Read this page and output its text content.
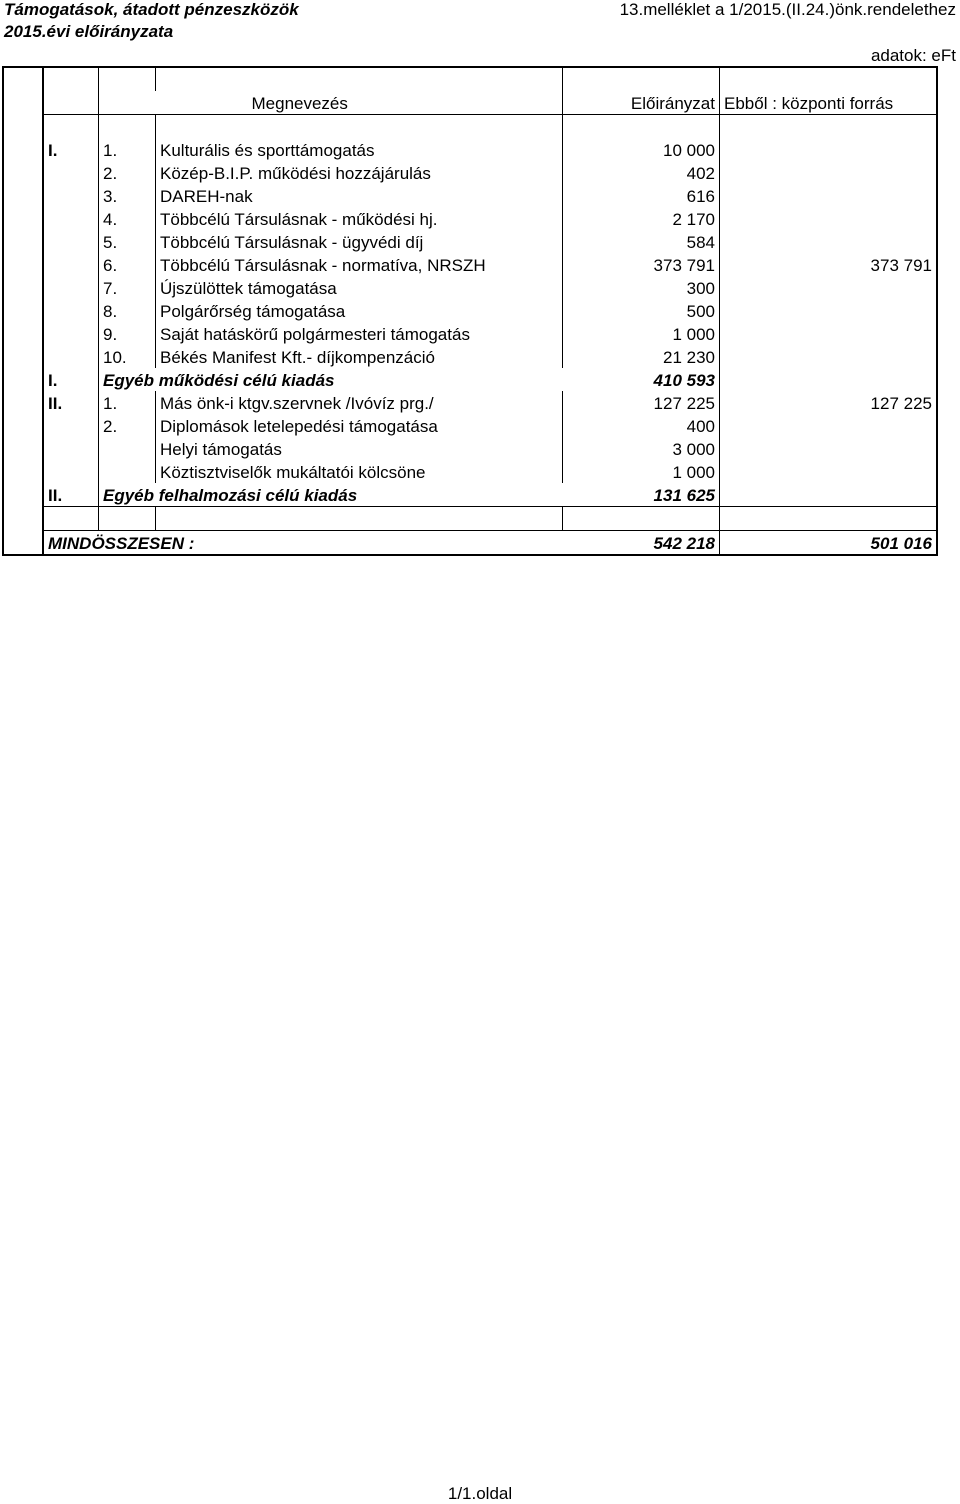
Támogatások, átadott pénzeszközök
2015.évi előirányzata
13.melléklet a 1/2015.(II.24.)önk.rendelethez
adatok: eFt

			Megnevezés	Előirányzat	Ebből : központi forrás

	I.	1.	Kulturális és sporttámogatás	10 000	
		2.	Közép-B.I.P. működési hozzájárulás	402	
		3.	DAREH-nak	616	
		4.	Többcélú Társulásnak - működési hj.	2 170	
		5.	Többcélú Társulásnak - ügyvédi díj	584	
		6.	Többcélú Társulásnak - normatíva, NRSZH	373 791	373 791
		7.	Újszülöttek támogatása	300	
		8.	Polgárőrség támogatása	500	
		9.	Saját hatáskörű polgármesteri támogatás	1 000	
		10.	Békés Manifest Kft.- díjkompenzáció	21 230	
	I.	Egyéb működési célú kiadás		410 593	
	II.	1.	Más önk-i ktgv.szervnek /Ivóvíz prg./	127 225	127 225
		2.	Diplomások letelepedési támogatása	400	
			Helyi támogatás	3 000	
			Köztisztviselők mukáltatói kölcsöne	1 000	
	II.	Egyéb felhalmozási célú kiadás		131 625	

	MINDÖSSZESEN :			542 218	501 016
1/1.oldal
